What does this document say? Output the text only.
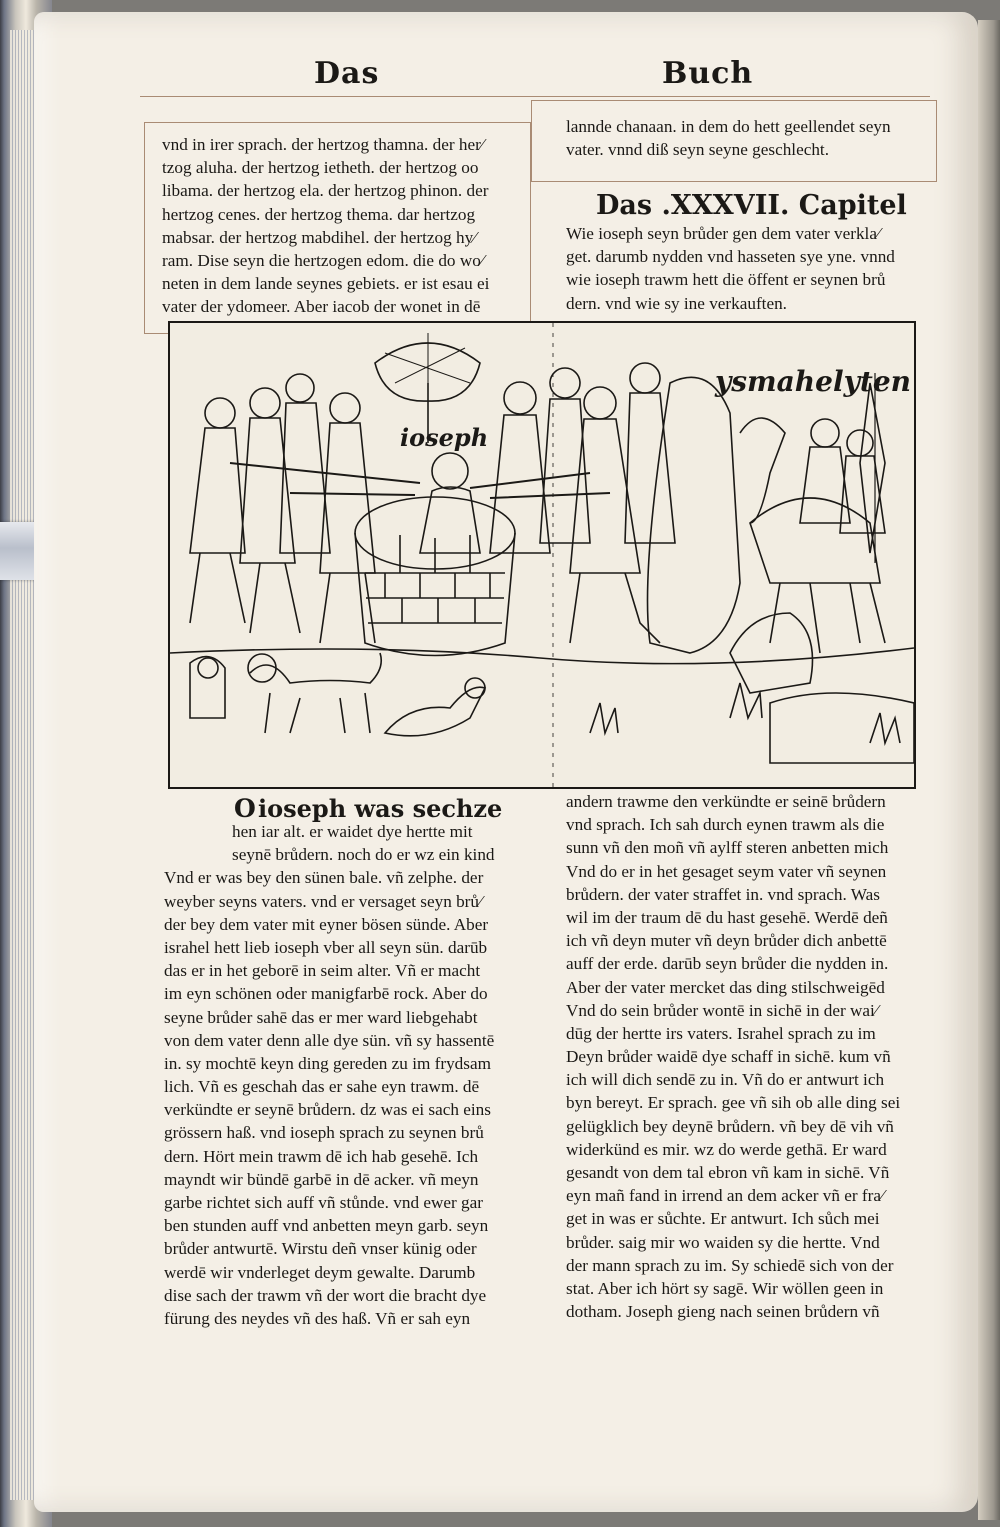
Das	Buch
vnd in irer sprach. der hertzog thamna. der her⁄
tzog aluha. der hertzog ietheth. der hertzog oo
libama. der hertzog ela. der hertzog phinon. der
hertzog cenes. der hertzog thema. dar hertzog
mabsar. der hertzog mabdihel. der hertzog hy⁄
ram. Dise seyn die hertzogen edom. die do wo⁄
neten in dem lande seynes gebiets. er ist esau ei
vater der ydomeer. Aber iacob der wonet in dē
lannde chanaan. in dem do hett geellendet seyn
vater. vnnd diß seyn seyne geschlecht.
Das .XXXVII. Capitel
Wie ioseph seyn brůder gen dem vater verkla⁄
get. darumb nydden vnd hasseten sye yne. vnnd
wie ioseph trawm hett die öffent er seynen brů
dern. vnd wie sy ine verkauften.
ioseph
ysmahelyten
O ioseph was sechze
hen iar alt. er waidet dye hertte mit
seynē brůdern. noch do er wz ein kind
Vnd er was bey den sünen bale. vñ zelphe. der
weyber seyns vaters. vnd er versaget seyn brů⁄
der bey dem vater mit eyner bösen sünde. Aber
israhel hett lieb ioseph vber all seyn sün. darūb
das er in het geborē in seim alter. Vñ er macht
im eyn schönen oder manigfarbē rock. Aber do
seyne brůder sahē das er mer ward liebgehabt
von dem vater denn alle dye sün. vñ sy hassentē
in. sy mochtē keyn ding gereden zu im frydsam
lich. Vñ es geschah das er sahe eyn trawm. dē
verkündte er seynē brůdern. dz was ei sach eins
grössern haß. vnd ioseph sprach zu seynen brů
dern. Hört mein trawm dē ich hab gesehē. Ich
mayndt wir bündē garbē in dē acker. vñ meyn
garbe richtet sich auff vñ stůnde. vnd ewer gar
ben stunden auff vnd anbetten meyn garb. seyn
brůder antwurtē. Wirstu deñ vnser künig oder
werdē wir vnderleget deym gewalte. Darumb
dise sach der trawm vñ der wort die bracht dye
fürung des neydes vñ des haß. Vñ er sah eyn
andern trawme den verkündte er seinē brůdern
vnd sprach. Ich sah durch eynen trawm als die
sunn vñ den moñ vñ aylff steren anbetten mich
Vnd do er in het gesaget seym vater vñ seynen
brůdern. der vater straffet in. vnd sprach. Was
wil im der traum dē du hast gesehē. Werdē deñ
ich vñ deyn muter vñ deyn brůder dich anbettē
auff der erde. darūb seyn brůder die nydden in.
Aber der vater mercket das ding stilschweigēd
Vnd do sein brůder wontē in sichē in der wai⁄
dūg der hertte irs vaters. Israhel sprach zu im
Deyn brůder waidē dye schaff in sichē. kum vñ
ich will dich sendē zu in. Vñ do er antwurt ich
byn bereyt. Er sprach. gee vñ sih ob alle ding sei
gelügklich bey deynē brůdern. vñ bey dē vih vñ
widerkünd es mir. wz do werde gethā. Er ward
gesandt von dem tal ebron vñ kam in sichē. Vñ
eyn mañ fand in irrend an dem acker vñ er fra⁄
get in was er sůchte. Er antwurt. Ich sůch mei
brůder. saig mir wo waiden sy die hertte. Vnd
der mann sprach zu im. Sy schiedē sich von der
stat. Aber ich hört sy sagē. Wir wöllen geen in
dotham. Joseph gieng nach seinen brůdern vñ
